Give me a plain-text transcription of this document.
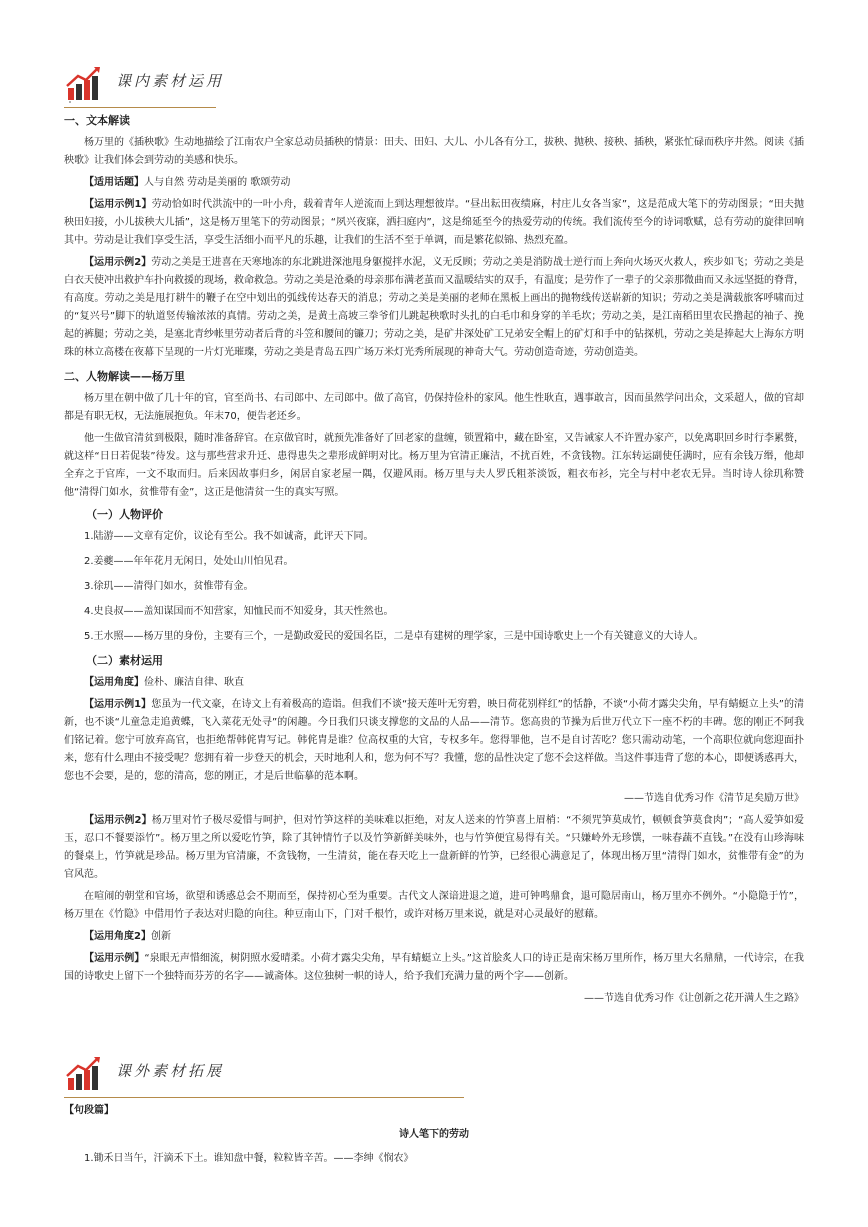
课内素材运用

一、文本解读

杨万里的《插秧歌》生动地描绘了江南农户全家总动员插秧的情景：田夫、田妇、大儿、小儿各有分工，拔秧、抛秧、接秧、插秧，紧张忙碌而秩序井然。阅读《插秧歌》让我们体会到劳动的美感和快乐。

【适用话题】人与自然 劳动是美丽的 歌颂劳动

【运用示例1】劳动恰如时代洪流中的一叶小舟，载着青年人逆流而上到达理想彼岸。“昼出耘田夜绩麻，村庄儿女各当家”，这是范成大笔下的劳动图景；“田夫抛秧田妇接，小儿拔秧大儿插”，这是杨万里笔下的劳动图景；“夙兴夜寐，洒扫庭内”，这是绵延至今的热爱劳动的传统。我们流传至今的诗词歌赋，总有劳动的旋律回响其中。劳动是让我们享受生活，享受生活细小而平凡的乐趣，让我们的生活不至于单调，而是繁花似锦、热烈充盈。

【运用示例2】劳动之美是王进喜在天寒地冻的东北跳进深池甩身躯搅拌水泥，义无反顾；劳动之美是消防战士逆行而上奔向火场灭火救人，疾步如飞；劳动之美是白衣天使冲出救护车扑向救援的现场，救命救急。劳动之美是沧桑的母亲那布满老茧而又温暖结实的双手，有温度；是劳作了一辈子的父亲那微曲而又永远坚挺的脊背，有高度。劳动之美是甩打耕牛的鞭子在空中划出的弧线传达春天的消息；劳动之美是美丽的老师在黑板上画出的抛物线传送崭新的知识；劳动之美是满载旅客呼啸而过的“复兴号”脚下的轨道竖传输浓浓的真情。劳动之美，是黄土高坡三拳爷们儿跳起秧歌时头扎的白毛巾和身穿的羊毛坎；劳动之美，是江南稻田里农民撸起的袖子、挽起的裤腿；劳动之美，是塞北青纱帐里劳动者后背的斗笠和腰间的镰刀；劳动之美，是矿井深处矿工兄弟安全帽上的矿灯和手中的钻探机，劳动之美是捧起大上海东方明珠的林立高楼在夜幕下呈现的一片灯光璀璨，劳动之美是青岛五四广场万米灯光秀所展现的神奇大气。劳动创造奇迹，劳动创造美。

二、人物解读——杨万里

杨万里在朝中做了几十年的官，官至尚书、右司郎中、左司郎中。做了高官，仍保持俭朴的家风。他生性耿直，遇事敢言，因而虽然学问出众，文采超人，做的官却都是有职无权，无法施展抱负。年末70，便告老还乡。

他一生做官清贫到极限，随时准备辞官。在京做官时，就预先准备好了回老家的盘缠，锁置箱中，藏在卧室，又告诫家人不许置办家产，以免离职回乡时行李累赘，就这样“日日若促装”待发。这与那些营求升迁、患得患失之辈形成鲜明对比。杨万里为官清正廉洁，不扰百姓，不贪钱物。江东转运副使任满时，应有余钱万缗，他却全弃之于官库，一文不取而归。后来因故事归乡，闲居自家老屋一隅，仅避风雨。杨万里与夫人罗氏粗茶淡饭，粗衣布衫，完全与村中老农无异。当时诗人徐玑称赞他“清得门如水，贫惟带有金”，这正是他清贫一生的真实写照。

（一）人物评价

1.陆游——文章有定价，议论有至公。我不如诚斋，此评天下同。

2.姜夔——年年花月无闲日，处处山川怕见君。

3.徐玑——清得门如水，贫惟带有金。

4.史良叔——盖知谋国而不知营家，知恤民而不知爱身，其天性然也。

5.王水照——杨万里的身份，主要有三个，一是勤政爱民的爱国名臣，二是卓有建树的理学家，三是中国诗歌史上一个有关键意义的大诗人。

（二）素材运用

【运用角度】俭朴、廉洁自律、耿直

【运用示例1】您虽为一代文豪，在诗文上有着极高的造诣。但我们不谈“接天莲叶无穷碧，映日荷花别样红”的恬静，不谈“小荷才露尖尖角，早有蜻蜓立上头”的清新，也不谈“儿童急走追黄蝶，飞入菜花无处寻”的闲趣。今日我们只谈支撑您的文品的人品——清节。您高贵的节操为后世万代立下一座不朽的丰碑。您的刚正不阿我们铭记着。您宁可放弃高官，也拒绝帮韩侂胄写记。韩侂胄是谁？位高权重的大官，专权多年。您得罪他，岂不是自讨苦吃？您只需动动笔，一个高职位就向您迎面扑来，您有什么理由不接受呢？您拥有着一步登天的机会，天时地利人和，您为何不写？我懂，您的品性决定了您不会这样做。当这件事违背了您的本心，即便诱惑再大，您也不会要，是的，您的清高，您的刚正，才是后世临摹的范本啊。

——节选自优秀习作《清节足矣励万世》

【运用示例2】杨万里对竹子极尽爱惜与呵护，但对竹笋这样的美味难以拒绝，对友人送来的竹笋喜上眉梢：“不须咒笋莫成竹，顿顿食笋莫食肉”；“高人爱笋如爱玉，忍口不餐要添竹”。杨万里之所以爱吃竹笋，除了其钟情竹子以及竹笋新鲜美味外，也与竹笋便宜易得有关。“只嫌岭外无珍馔，一味春蔬不直钱。”在没有山珍海味的餐桌上，竹笋就是珍品。杨万里为官清廉，不贪钱物，一生清贫，能在春天吃上一盘新鲜的竹笋，已经很心满意足了，体现出杨万里“清得门如水，贫惟带有金”的为官风范。

在喧闹的朝堂和官场，欲望和诱惑总会不期而至，保持初心至为重要。古代文人深谙进退之道，进可钟鸣鼎食，退可隐居南山，杨万里亦不例外。“小隐隐于竹”，杨万里在《竹隐》中借用竹子表达对归隐的向往。种豆南山下，门对千根竹，或许对杨万里来说，就是对心灵最好的慰藉。

【运用角度2】创新

【运用示例】“泉眼无声惜细流，树阴照水爱晴柔。小荷才露尖尖角，早有蜻蜓立上头。”这首脍炙人口的诗正是南宋杨万里所作，杨万里大名鼎鼎，一代诗宗，在我国的诗歌史上留下一个独特而芬芳的名字——诚斋体。这位独树一帜的诗人，给予我们充满力量的两个字——创新。

——节选自优秀习作《让创新之花开满人生之路》

课外素材拓展

【句段篇】

诗人笔下的劳动

1.锄禾日当午，汗滴禾下土。谁知盘中餐，粒粒皆辛苦。——李绅《悯农》
